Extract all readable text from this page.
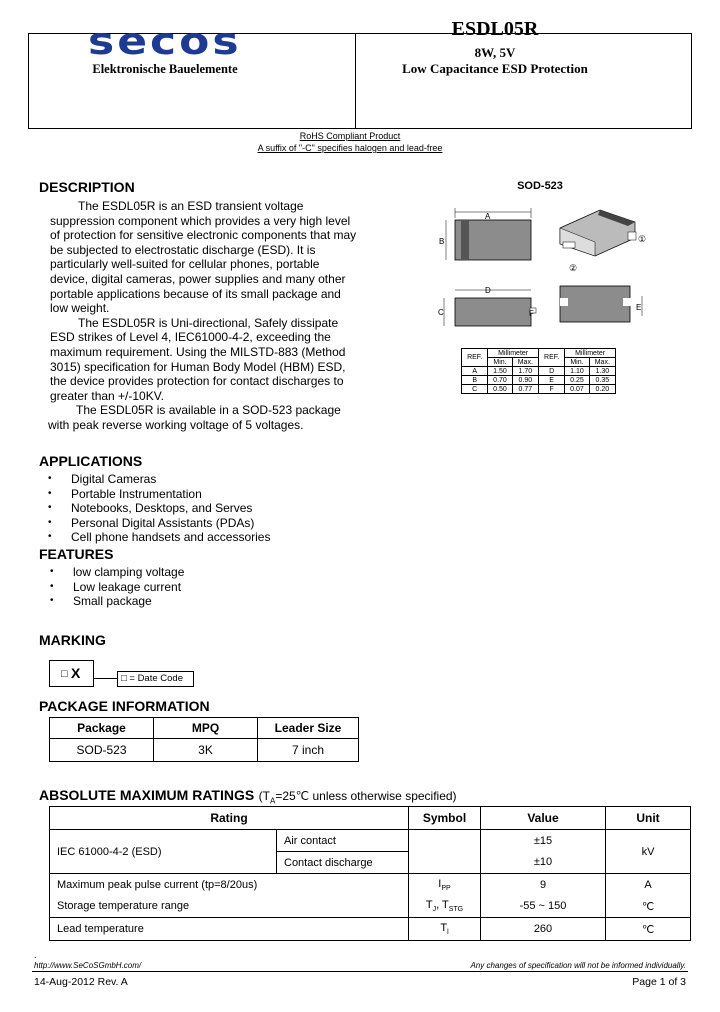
secos
Elektronische Bauelemente
ESDL05R
8W, 5V
Low Capacitance ESD Protection
RoHS Compliant Product
A suffix of "-C" specifies halogen and lead-free
DESCRIPTION

The ESDL05R is an ESD transient voltage suppression component which provides a very high level of protection for sensitive electronic components that may be subjected to electrostatic discharge (ESD). It is particularly well-suited for cellular phones, portable device, digital cameras, power supplies and many other portable applications because of its small package and low weight.

The ESDL05R is Uni-directional, Safely dissipate ESD strikes of Level 4, IEC61000-4-2, exceeding the maximum requirement. Using the MILSTD-883 (Method 3015) specification for Human Body Model (HBM) ESD, the device provides protection for contact discharges to greater than +/-10KV.

The ESDL05R is available in a SOD-523 package with peak reverse working voltage of 5 voltages.

SOD-523
A
B	①
②
D
C	F
E
REF.	Millimeter		REF.	Millimeter	
	Min.	Max.		Min.	Max.
A	1.50	1.70	D	1.10	1.30
B	0.70	0.90	E	0.25	0.35
C	0.50	0.77	F	0.07	0.20
APPLICATIONS
• Digital Cameras
• Portable Instrumentation
• Notebooks, Desktops, and Serves
• Personal Digital Assistants (PDAs)
• Cell phone handsets and accessories
FEATURES
• low clamping voltage
• Low leakage current
• Small package
MARKING
□ X	□ = Date Code
PACKAGE INFORMATION
Package	MPQ	Leader Size
SOD-523	3K	7 inch
ABSOLUTE MAXIMUM RATINGS ($T_A=25℃$ unless otherwise specified)
Rating		Symbol	Value	Unit
IEC 61000-4-2 (ESD)	Air contact		±15	kV
	Contact discharge		±10	
Maximum peak pulse current (tp=8/20us)		$I_{PP}$	9	A
Storage temperature range		$T_J$, $T_{STG}$	-55 ~ 150	℃
Lead temperature		$T_l$	260	℃
.
http://www.SeCoSGmbH.com/	Any changes of specification will not be informed individually.
14-Aug-2012 Rev. A	Page 1 of 3
